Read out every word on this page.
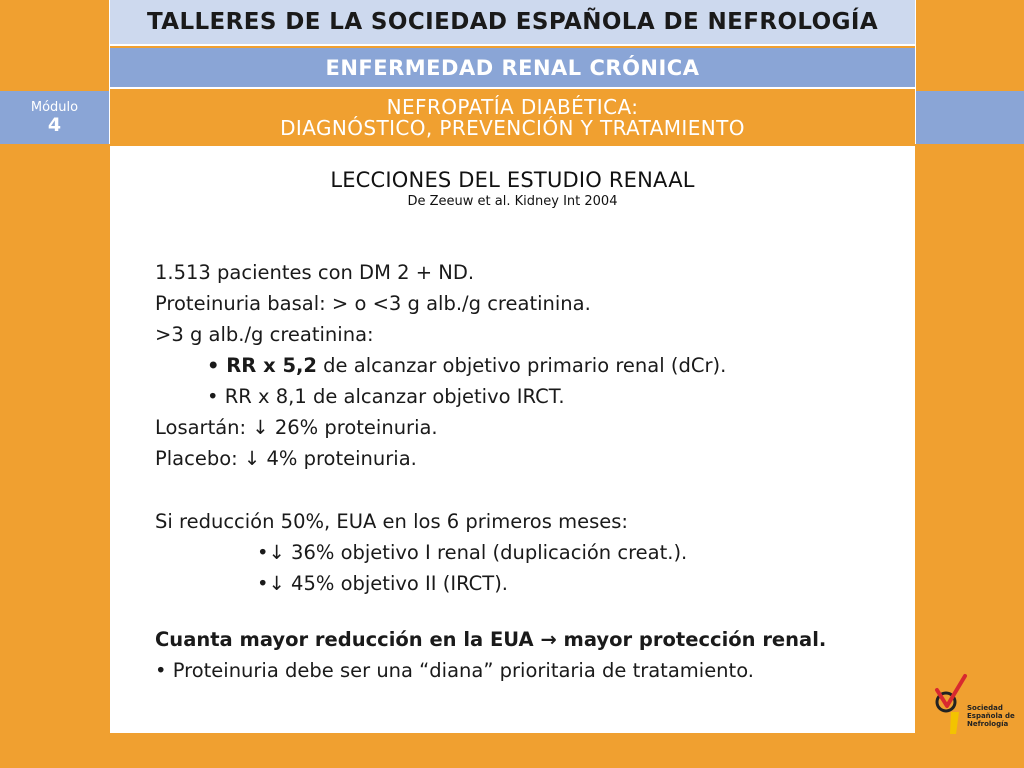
TALLERES DE LA SOCIEDAD ESPAÑOLA DE NEFROLOGÍA
ENFERMEDAD RENAL CRÓNICA
Módulo
4
NEFROPATÍA DIABÉTICA:
DIAGNÓSTICO, PREVENCIÓN Y TRATAMIENTO
LECCIONES DEL ESTUDIO RENAAL
De Zeeuw et al. Kidney Int 2004
1.513 pacientes con DM 2 + ND.
Proteinuria basal: > o <3 g alb./g creatinina.
>3 g alb./g creatinina:
• RR x 5,2 de alcanzar objetivo primario renal (dCr).
• RR x 8,1 de alcanzar objetivo IRCT.
Losartán: ↓ 26% proteinuria.
Placebo: ↓ 4% proteinuria.
Si reducción 50%, EUA en los 6 primeros meses:
•↓ 36% objetivo I renal (duplicación creat.).
•↓ 45% objetivo II (IRCT).
Cuanta mayor reducción en la EUA → mayor protección renal.
• Proteinuria debe ser una “diana” prioritaria de tratamiento.
Sociedad
Española de
Nefrología
